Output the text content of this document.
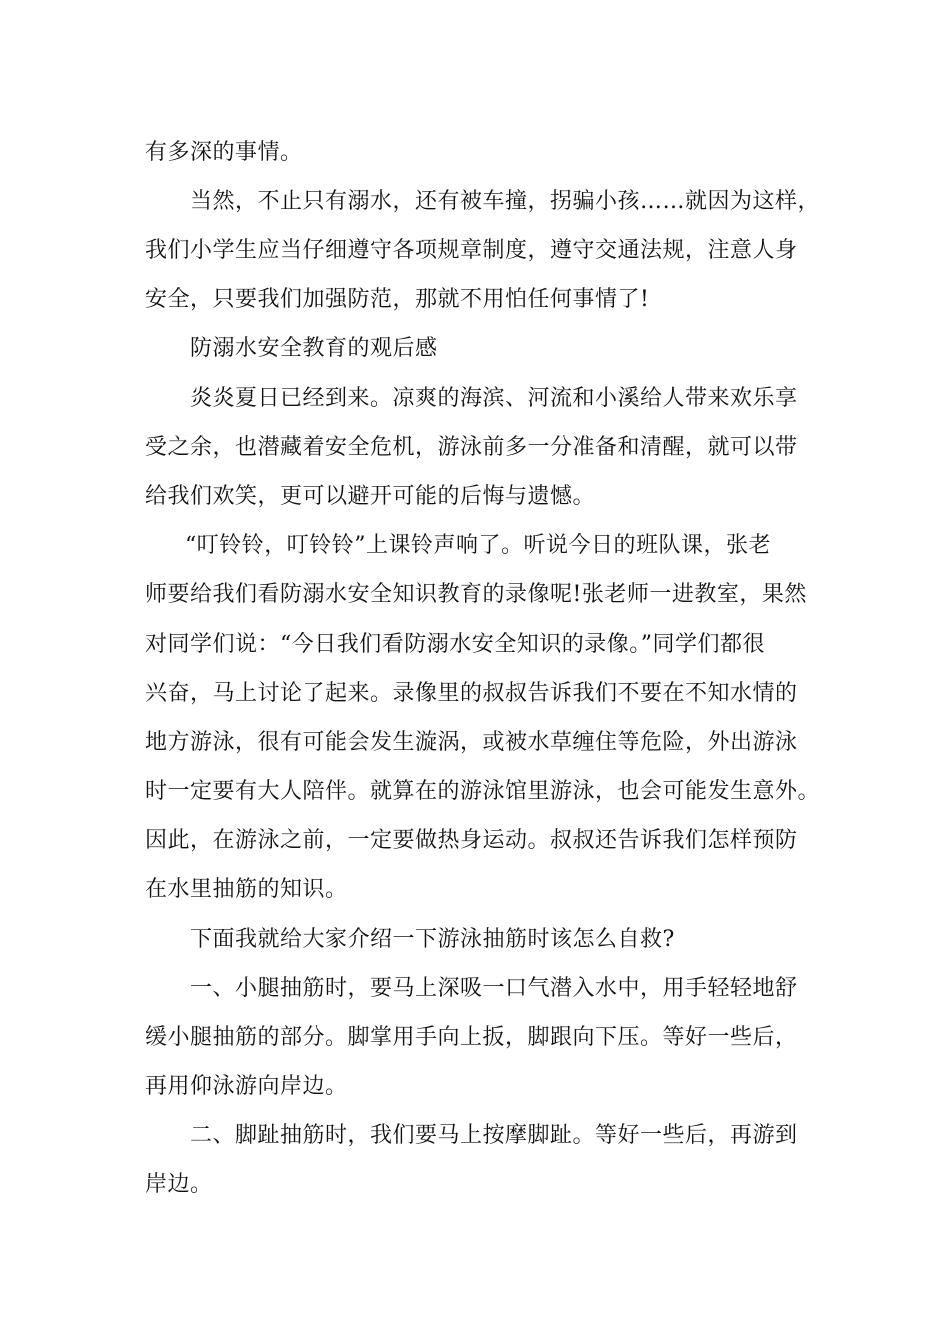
有多深的事情。
当然，不止只有溺水，还有被车撞，拐骗小孩……就因为这样，
我们小学生应当仔细遵守各项规章制度，遵守交通法规，注意人身
安全，只要我们加强防范，那就不用怕任何事情了!
防溺水安全教育的观后感
炎炎夏日已经到来。凉爽的海滨、河流和小溪给人带来欢乐享
受之余，也潜藏着安全危机，游泳前多一分准备和清醒，就可以带
给我们欢笑，更可以避开可能的后悔与遗憾。
“叮铃铃，叮铃铃”上课铃声响了。听说今日的班队课，张老
师要给我们看防溺水安全知识教育的录像呢!张老师一进教室，果然
对同学们说：“今日我们看防溺水安全知识的录像。”同学们都很
兴奋，马上讨论了起来。录像里的叔叔告诉我们不要在不知水情的
地方游泳，很有可能会发生漩涡，或被水草缠住等危险，外出游泳
时一定要有大人陪伴。就算在的游泳馆里游泳，也会可能发生意外。
因此，在游泳之前，一定要做热身运动。叔叔还告诉我们怎样预防
在水里抽筋的知识。
下面我就给大家介绍一下游泳抽筋时该怎么自救?
一、小腿抽筋时，要马上深吸一口气潜入水中，用手轻轻地舒
缓小腿抽筋的部分。脚掌用手向上扳，脚跟向下压。等好一些后，
再用仰泳游向岸边。
二、脚趾抽筋时，我们要马上按摩脚趾。等好一些后，再游到
岸边。
